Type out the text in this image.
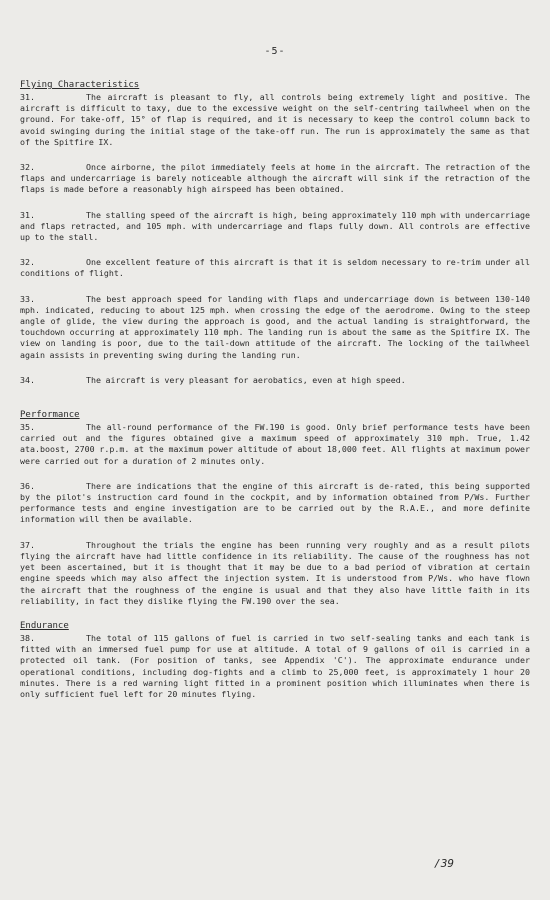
-5-
Flying Characteristics
31.	The aircraft is pleasant to fly, all controls being extremely light and positive. The aircraft is difficult to taxy, due to the excessive weight on the self-centring tailwheel when on the ground. For take-off, 15° of flap is required, and it is necessary to keep the control column back to avoid swinging during the initial stage of the take-off run. The run is approximately the same as that of the Spitfire IX.
32.	Once airborne, the pilot immediately feels at home in the aircraft. The retraction of the flaps and undercarriage is barely noticeable although the aircraft will sink if the retraction of the flaps is made before a reasonably high airspeed has been obtained.
31.	The stalling speed of the aircraft is high, being approximately 110 mph with undercarriage and flaps retracted, and 105 mph. with undercarriage and flaps fully down. All controls are effective up to the stall.
32.	One excellent feature of this aircraft is that it is seldom necessary to re-trim under all conditions of flight.
33.	The best approach speed for landing with flaps and undercarriage down is between 130-140 mph. indicated, reducing to about 125 mph. when crossing the edge of the aerodrome. Owing to the steep angle of glide, the view during the approach is good, and the actual landing is straightforward, the touchdown occurring at approximately 110 mph. The landing run is about the same as the Spitfire IX. The view on landing is poor, due to the tail-down attitude of the aircraft. The locking of the tailwheel again assists in preventing swing during the landing run.
34.	The aircraft is very pleasant for aerobatics, even at high speed.
Performance
35.	The all-round performance of the FW.190 is good. Only brief performance tests have been carried out and the figures obtained give a maximum speed of approximately 310 mph. True, 1.42 ata.boost, 2700 r.p.m. at the maximum power altitude of about 18,000 feet. All flights at maximum power were carried out for a duration of 2 minutes only.
36.	There are indications that the engine of this aircraft is de-rated, this being supported by the pilot's instruction card found in the cockpit, and by information obtained from P/Ws. Further performance tests and engine investigation are to be carried out by the R.A.E., and more definite information will then be available.
37.	Throughout the trials the engine has been running very roughly and as a result pilots flying the aircraft have had little confidence in its reliability. The cause of the roughness has not yet been ascertained, but it is thought that it may be due to a bad period of vibration at certain engine speeds which may also affect the injection system. It is understood from P/Ws. who have flown the aircraft that the roughness of the engine is usual and that they also have little faith in its reliability, in fact they dislike flying the FW.190 over the sea.
Endurance
38.	The total of 115 gallons of fuel is carried in two self-sealing tanks and each tank is fitted with an immersed fuel pump for use at altitude. A total of 9 gallons of oil is carried in a protected oil tank. (For position of tanks, see Appendix 'C'). The approximate endurance under operational conditions, including dog-fights and a climb to 25,000 feet, is approximately 1 hour 20 minutes. There is a red warning light fitted in a prominent position which illuminates when there is only sufficient fuel left for 20 minutes flying.
/39
